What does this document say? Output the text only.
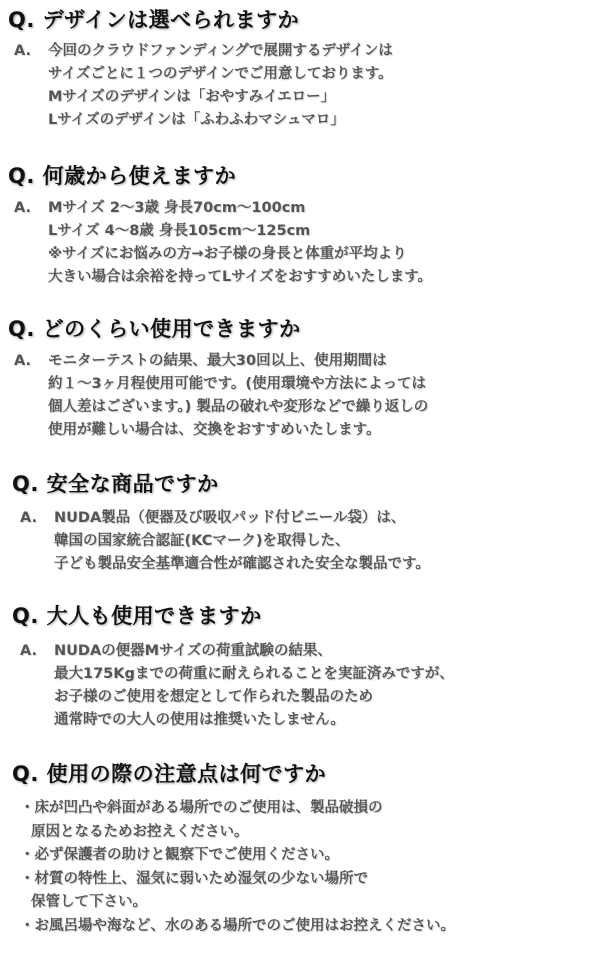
Q. デザインは選べられますか
A. 今回のクラウドファンディングで展開するデザインは
サイズごとに１つのデザインでご用意しております。
Mサイズのデザインは「おやすみイエロー」
Lサイズのデザインは「ふわふわマシュマロ」
Q. 何歳から使えますか
A. Mサイズ 2～3歳 身長70cm～100cm
Lサイズ 4～8歳 身長105cm～125cm
※サイズにお悩みの方→お子様の身長と体重が平均より
大きい場合は余裕を持ってLサイズをおすすめいたします。
Q. どのくらい使用できますか
A. モニターテストの結果、最大30回以上、使用期間は
約１～3ヶ月程使用可能です。(使用環境や方法によっては
個人差はございます。) 製品の破れや変形などで繰り返しの
使用が難しい場合は、交換をおすすめいたします。
Q. 安全な商品ですか
A. NUDA製品（便器及び吸収パッド付ビニール袋）は、
韓国の国家統合認証(KCマーク)を取得した、
子ども製品安全基準適合性が確認された安全な製品です。
Q. 大人も使用できますか
A. NUDAの便器Mサイズの荷重試験の結果、
最大175Kgまでの荷重に耐えられることを実証済みですが、
お子様のご使用を想定として作られた製品のため
通常時での大人の使用は推奨いたしません。
Q. 使用の際の注意点は何ですか
・床が凹凸や斜面がある場所でのご使用は、製品破損の
原因となるためお控えください。
・必ず保護者の助けと観察下でご使用ください。
・材質の特性上、湿気に弱いため湿気の少ない場所で
保管して下さい。
・お風呂場や海など、水のある場所でのご使用はお控えください。
